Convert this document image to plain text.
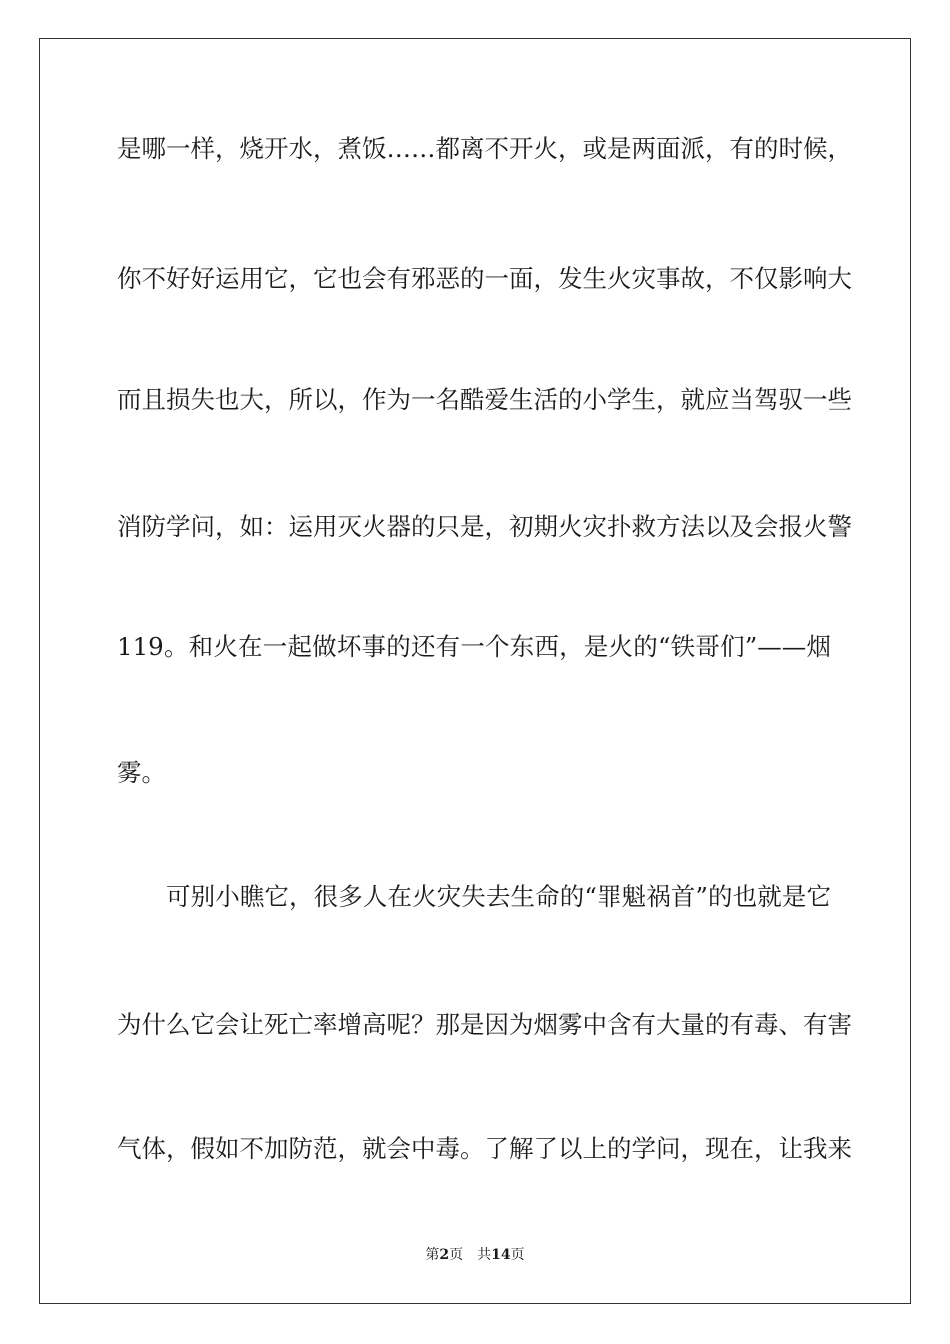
是哪一样，烧开水，煮饭……都离不开火，或是两面派，有的时候，
你不好好运用它，它也会有邪恶的一面，发生火灾事故，不仅影响大
而且损失也大，所以，作为一名酷爱生活的小学生，就应当驾驭一些
消防学问，如：运用灭火器的只是，初期火灾扑救方法以及会报火警
119。和火在一起做坏事的还有一个东西，是火的“铁哥们”——烟
雾。
可别小瞧它，很多人在火灾失去生命的“罪魁祸首”的也就是它
为什么它会让死亡率增高呢？那是因为烟雾中含有大量的有毒、有害
气体，假如不加防范，就会中毒。了解了以上的学问，现在，让我来
第2页　共14页
